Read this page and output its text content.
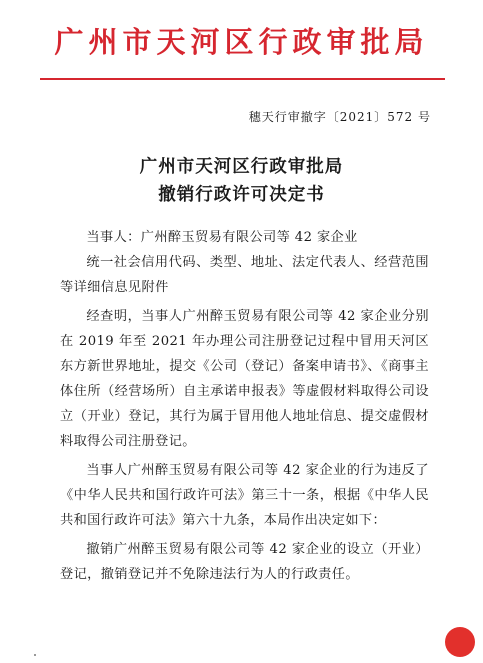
广州市天河区行政审批局
穗天行审撤字〔2021〕572 号
广州市天河区行政审批局
撤销行政许可决定书

当事人：广州醉玉贸易有限公司等 42 家企业

统一社会信用代码、类型、地址、法定代表人、经营范围等详细信息见附件

经查明，当事人广州醉玉贸易有限公司等 42 家企业分别在 2019 年至 2021 年办理公司注册登记过程中冒用天河区东方新世界地址，提交《公司（登记）备案申请书》、《商事主体住所（经营场所）自主承诺申报表》等虚假材料取得公司设立（开业）登记，其行为属于冒用他人地址信息、提交虚假材料取得公司注册登记。

当事人广州醉玉贸易有限公司等 42 家企业的行为违反了《中华人民共和国行政许可法》第三十一条，根据《中华人民共和国行政许可法》第六十九条，本局作出决定如下：

撤销广州醉玉贸易有限公司等 42 家企业的设立（开业）登记，撤销登记并不免除违法行为人的行政责任。
